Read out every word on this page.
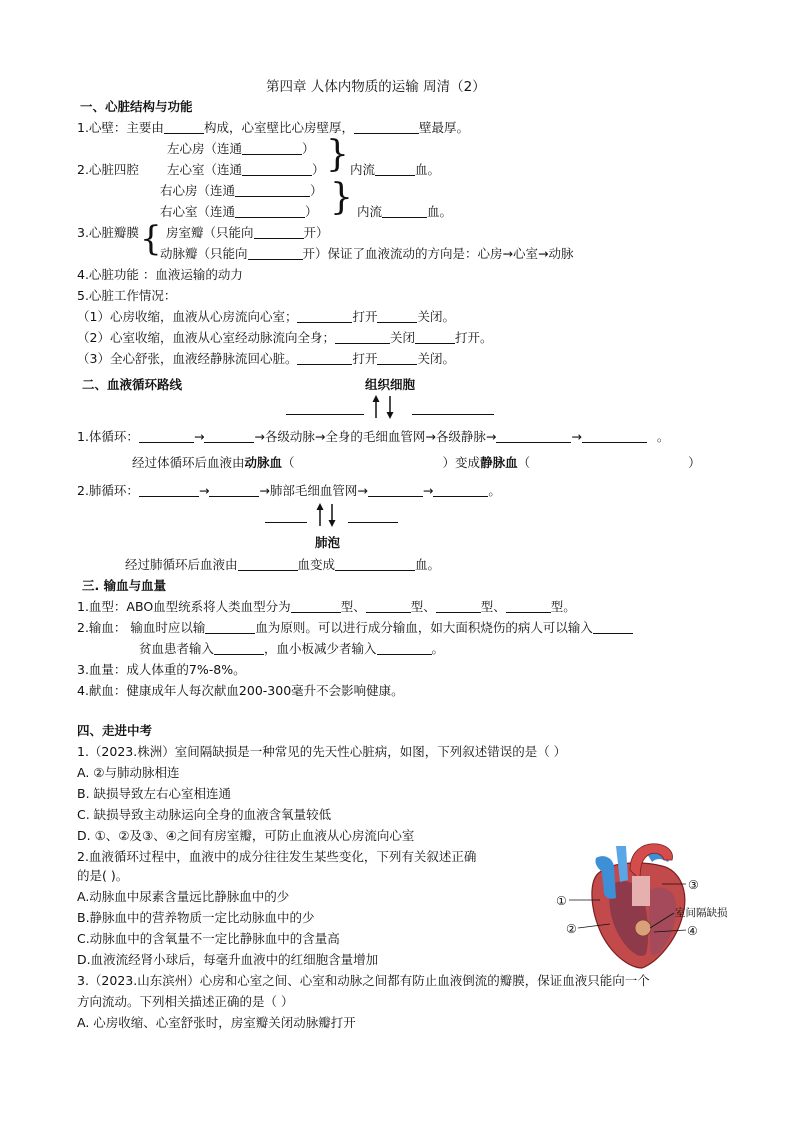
第四章 人体内物质的运输 周清（2）
一、心脏结构与功能
1.心壁：主要由	构成，心室壁比心房壁厚，	壁最厚。
左心房（连通	）
2.心脏四腔 左心室（连通	） } 内流	血。
右心房（连通	）
右心室（连通	） } 内流	血。
3.心脏瓣膜 { 房室瓣（只能向	开）
动脉瓣（只能向	开）保证了血液流动的方向是：心房→心室→动脉
4.心脏功能 ：血液运输的动力
5.心脏工作情况：
（1）心房收缩，血液从心房流向心室；	打开	关闭。
（2）心室收缩，血液从心室经动脉流向全身；	关闭	打开。
（3）全心舒张，血液经静脉流回心脏。	打开	关闭。
二、血液循环路线	组织细胞
1.体循环：	→	→各级动脉→全身的毛细血管网→各级静脉→	→	。
经过体循环后血液由动脉血（	）变成静脉血（	）
2.肺循环：	→	→肺部毛细血管网→	→	。
肺泡
经过肺循环后血液由	血变成	血。
三. 输血与血量
1.血型：ABO血型统系将人类血型分为	型、	型、	型、	型。
2.输血： 输血时应以输	血为原则。可以进行成分输血，如大面积烧伤的病人可以输入
贫血患者输入	，血小板减少者输入	。
3.血量：成人体重的7%-8%。
4.献血：健康成年人每次献血200-300毫升不会影响健康。
四、走进中考
1.（2023.株洲）室间隔缺损是一种常见的先天性心脏病，如图，下列叙述错误的是（ ）
A. ②与肺动脉相连
B. 缺损导致左右心室相连通
C. 缺损导致主动脉运向全身的血液含氧量较低
D. ①、②及③、④之间有房室瓣，可防止血液从心房流向心室
2.血液循环过程中，血液中的成分往往发生某些变化，下列有关叙述正确
的是( )。
A.动脉血中尿素含量远比静脉血中的少
B.静脉血中的营养物质一定比动脉血中的少
C.动脉血中的含氧量不一定比静脉血中的含量高
D.血液流经肾小球后，每毫升血液中的红细胞含量增加
3.（2023.山东滨州）心房和心室之间、心室和动脉之间都有防止血液倒流的瓣膜，保证血液只能向一个
方向流动。下列相关描述正确的是（ ）
A. 心房收缩、心室舒张时，房室瓣关闭动脉瓣打开
①
②
③
室间隔缺损
④
